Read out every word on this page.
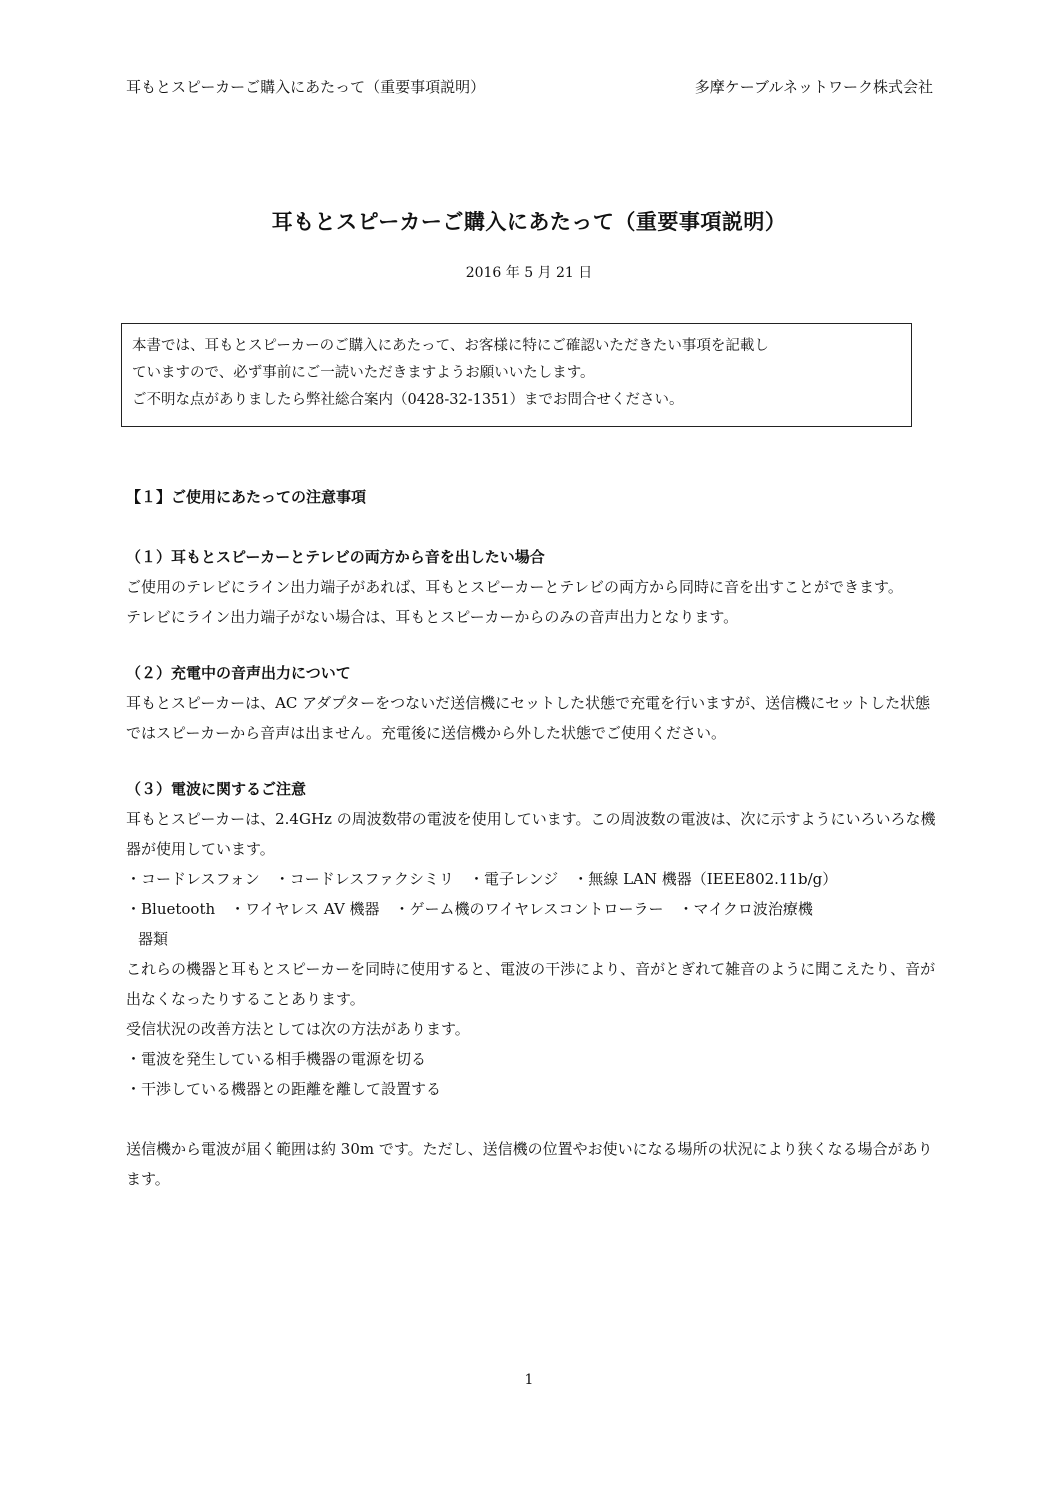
耳もとスピーカーご購入にあたって（重要事項説明）	多摩ケーブルネットワーク株式会社
耳もとスピーカーご購入にあたって（重要事項説明）
2016 年 5 月 21 日
本書では、耳もとスピーカーのご購入にあたって、お客様に特にご確認いただきたい事項を記載し
ていますので、必ず事前にご一読いただきますようお願いいたします。
ご不明な点がありましたら弊社総合案内（0428-32-1351）までお問合せください。

【１】ご使用にあたっての注意事項

（１）耳もとスピーカーとテレビの両方から音を出したい場合

ご使用のテレビにライン出力端子があれば、耳もとスピーカーとテレビの両方から同時に音を出すことができます。

テレビにライン出力端子がない場合は、耳もとスピーカーからのみの音声出力となります。

（２）充電中の音声出力について

耳もとスピーカーは、AC アダプターをつないだ送信機にセットした状態で充電を行いますが、送信機にセットした状態ではスピーカーから音声は出ません。充電後に送信機から外した状態でご使用ください。

（３）電波に関するご注意

耳もとスピーカーは、2.4GHz の周波数帯の電波を使用しています。この周波数の電波は、次に示すようにいろいろな機器が使用しています。

・コードレスフォン　・コードレスファクシミリ　・電子レンジ　・無線 LAN 機器（IEEE802.11b/g）

・Bluetooth　・ワイヤレス AV 機器　・ゲーム機のワイヤレスコントローラー　・マイクロ波治療機

器類

これらの機器と耳もとスピーカーを同時に使用すると、電波の干渉により、音がとぎれて雑音のように聞こえたり、音が出なくなったりすることあります。

受信状況の改善方法としては次の方法があります。

・電波を発生している相手機器の電源を切る

・干渉している機器との距離を離して設置する

送信機から電波が届く範囲は約 30m です。ただし、送信機の位置やお使いになる場所の状況により狭くなる場合があります。

1
